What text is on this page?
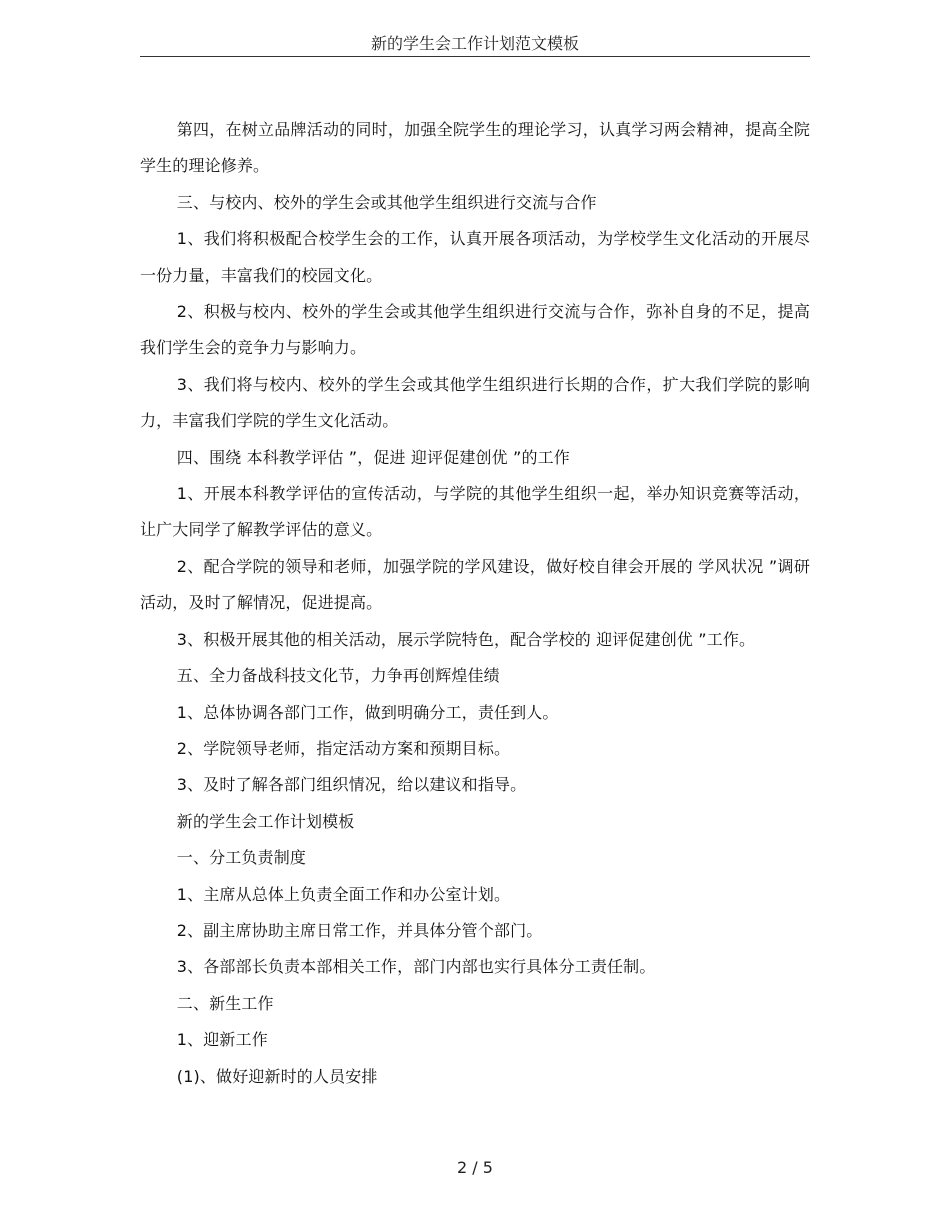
新的学生会工作计划范文模板

第四，在树立品牌活动的同时，加强全院学生的理论学习，认真学习两会精神，提高全院学生的理论修养。

三、与校内、校外的学生会或其他学生组织进行交流与合作

1、我们将积极配合校学生会的工作，认真开展各项活动，为学校学生文化活动的开展尽一份力量，丰富我们的校园文化。

2、积极与校内、校外的学生会或其他学生组织进行交流与合作，弥补自身的不足，提高我们学生会的竞争力与影响力。

3、我们将与校内、校外的学生会或其他学生组织进行长期的合作，扩大我们学院的影响力，丰富我们学院的学生文化活动。

四、围绕 本科教学评估 ”，促进 迎评促建创优 ”的工作

1、开展本科教学评估的宣传活动，与学院的其他学生组织一起，举办知识竞赛等活动，让广大同学了解教学评估的意义。

2、配合学院的领导和老师，加强学院的学风建设，做好校自律会开展的 学风状况 ”调研活动，及时了解情况，促进提高。

3、积极开展其他的相关活动，展示学院特色，配合学校的 迎评促建创优 ”工作。

五、全力备战科技文化节，力争再创辉煌佳绩

1、总体协调各部门工作，做到明确分工，责任到人。

2、学院领导老师，指定活动方案和预期目标。

3、及时了解各部门组织情况，给以建议和指导。

新的学生会工作计划模板

一、分工负责制度

1、主席从总体上负责全面工作和办公室计划。

2、副主席协助主席日常工作，并具体分管个部门。

3、各部部长负责本部相关工作，部门内部也实行具体分工责任制。

二、新生工作

1、迎新工作

(1)、做好迎新时的人员安排

2 / 5
